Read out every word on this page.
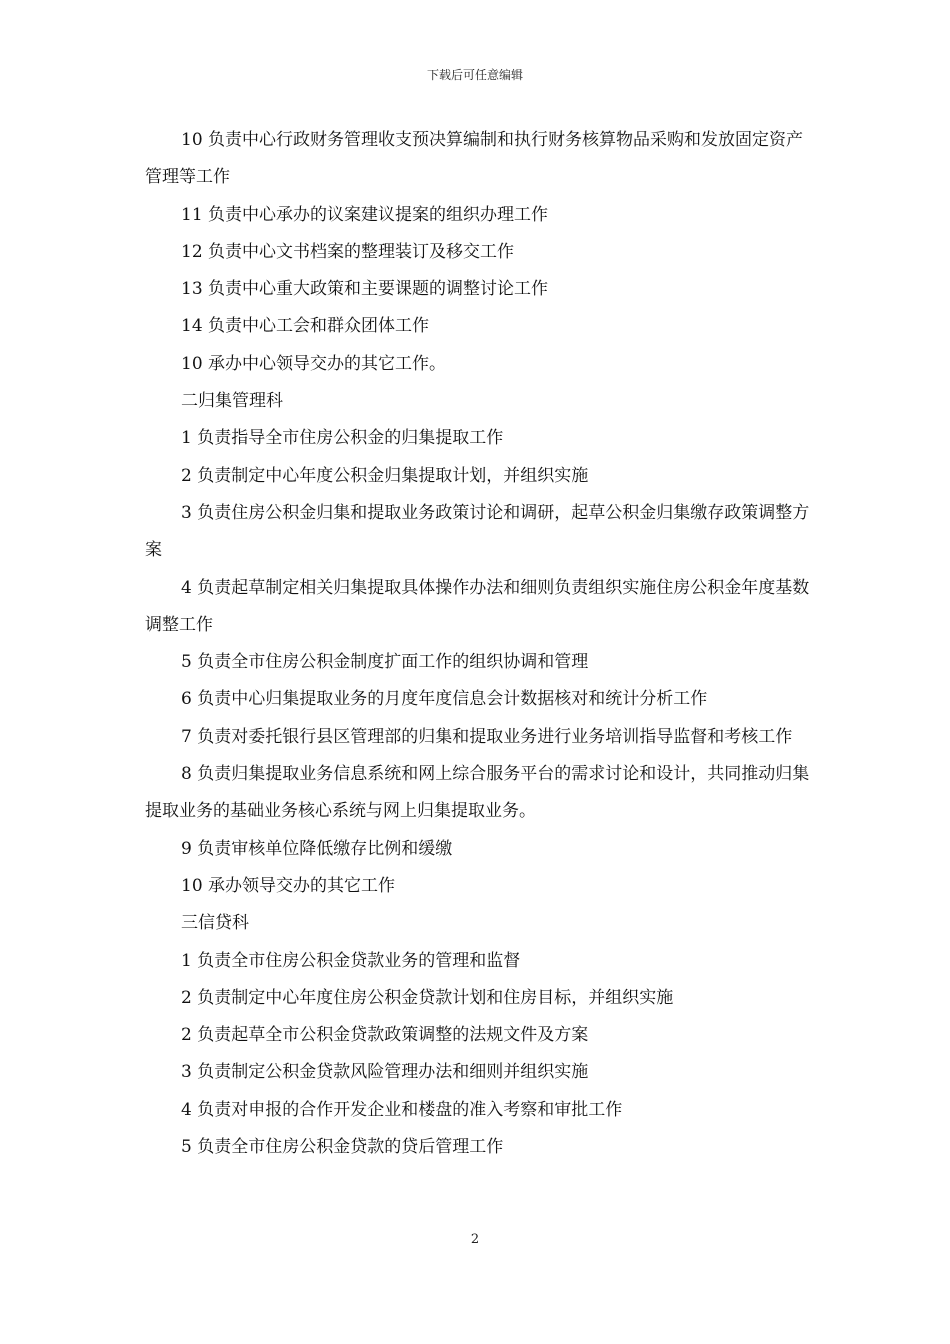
下载后可任意编辑

10 负责中心行政财务管理收支预决算编制和执行财务核算物品采购和发放固定资产管理等工作

11 负责中心承办的议案建议提案的组织办理工作

12 负责中心文书档案的整理装订及移交工作

13 负责中心重大政策和主要课题的调整讨论工作

14 负责中心工会和群众团体工作

10 承办中心领导交办的其它工作。

二归集管理科

1 负责指导全市住房公积金的归集提取工作

2 负责制定中心年度公积金归集提取计划，并组织实施

3 负责住房公积金归集和提取业务政策讨论和调研，起草公积金归集缴存政策调整方案

4 负责起草制定相关归集提取具体操作办法和细则负责组织实施住房公积金年度基数调整工作

5 负责全市住房公积金制度扩面工作的组织协调和管理

6 负责中心归集提取业务的月度年度信息会计数据核对和统计分析工作

7 负责对委托银行县区管理部的归集和提取业务进行业务培训指导监督和考核工作

8 负责归集提取业务信息系统和网上综合服务平台的需求讨论和设计，共同推动归集提取业务的基础业务核心系统与网上归集提取业务。

9 负责审核单位降低缴存比例和缓缴

10 承办领导交办的其它工作

三信贷科

1 负责全市住房公积金贷款业务的管理和监督

2 负责制定中心年度住房公积金贷款计划和住房目标，并组织实施

2 负责起草全市公积金贷款政策调整的法规文件及方案

3 负责制定公积金贷款风险管理办法和细则并组织实施

4 负责对申报的合作开发企业和楼盘的准入考察和审批工作

5 负责全市住房公积金贷款的贷后管理工作

2
